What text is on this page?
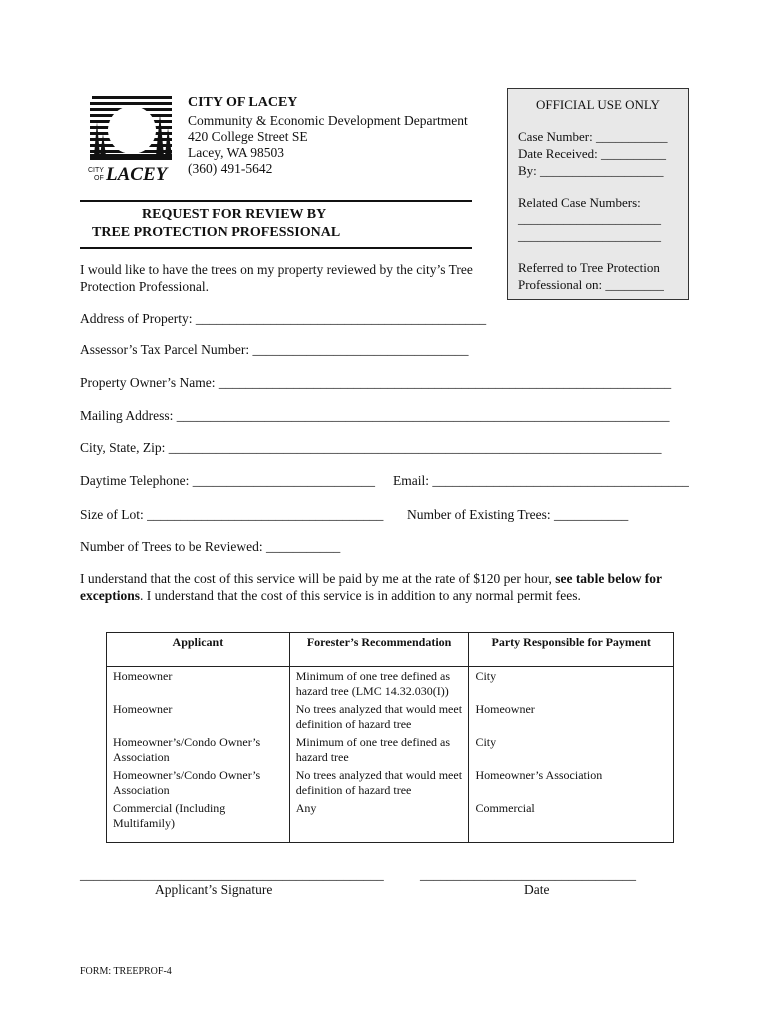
CITY
OF LACEY
CITY OF LACEY
Community & Economic Development Department
420 College Street SE
Lacey, WA 98503
(360) 491-5642
OFFICIAL USE ONLY
Case Number: ___________
Date Received: __________
By: ___________________
Related Case Numbers:
______________________
______________________
Referred to Tree Protection
Professional on: _________
REQUEST FOR REVIEW BY
TREE PROTECTION PROFESSIONAL
I would like to have the trees on my property reviewed by the city’s Tree Protection Professional.
Address of Property: ___________________________________________
Assessor’s Tax Parcel Number: ________________________________
Property Owner’s Name: ___________________________________________________________________
Mailing Address: _________________________________________________________________________
City, State, Zip: _________________________________________________________________________
Daytime Telephone: ___________________________ Email: ______________________________________
Size of Lot: ___________________________________ Number of Existing Trees: ___________
Number of Trees to be Reviewed: ___________
I understand that the cost of this service will be paid by me at the rate of $120 per hour, see table below for exceptions. I understand that the cost of this service is in addition to any normal permit fees.
Applicant	Forester’s Recommendation	Party Responsible for Payment
Homeowner	Minimum of one tree defined as hazard tree (LMC 14.32.030(I))	City
Homeowner	No trees analyzed that would meet definition of hazard tree	Homeowner
Homeowner’s/Condo Owner’s Association	Minimum of one tree defined as hazard tree	City
Homeowner’s/Condo Owner’s Association	No trees analyzed that would meet definition of hazard tree	Homeowner’s Association
Commercial (Including Multifamily)	Any	Commercial
_____________________________________________	________________________________
Applicant’s Signature	Date
FORM: TREEPROF-4
